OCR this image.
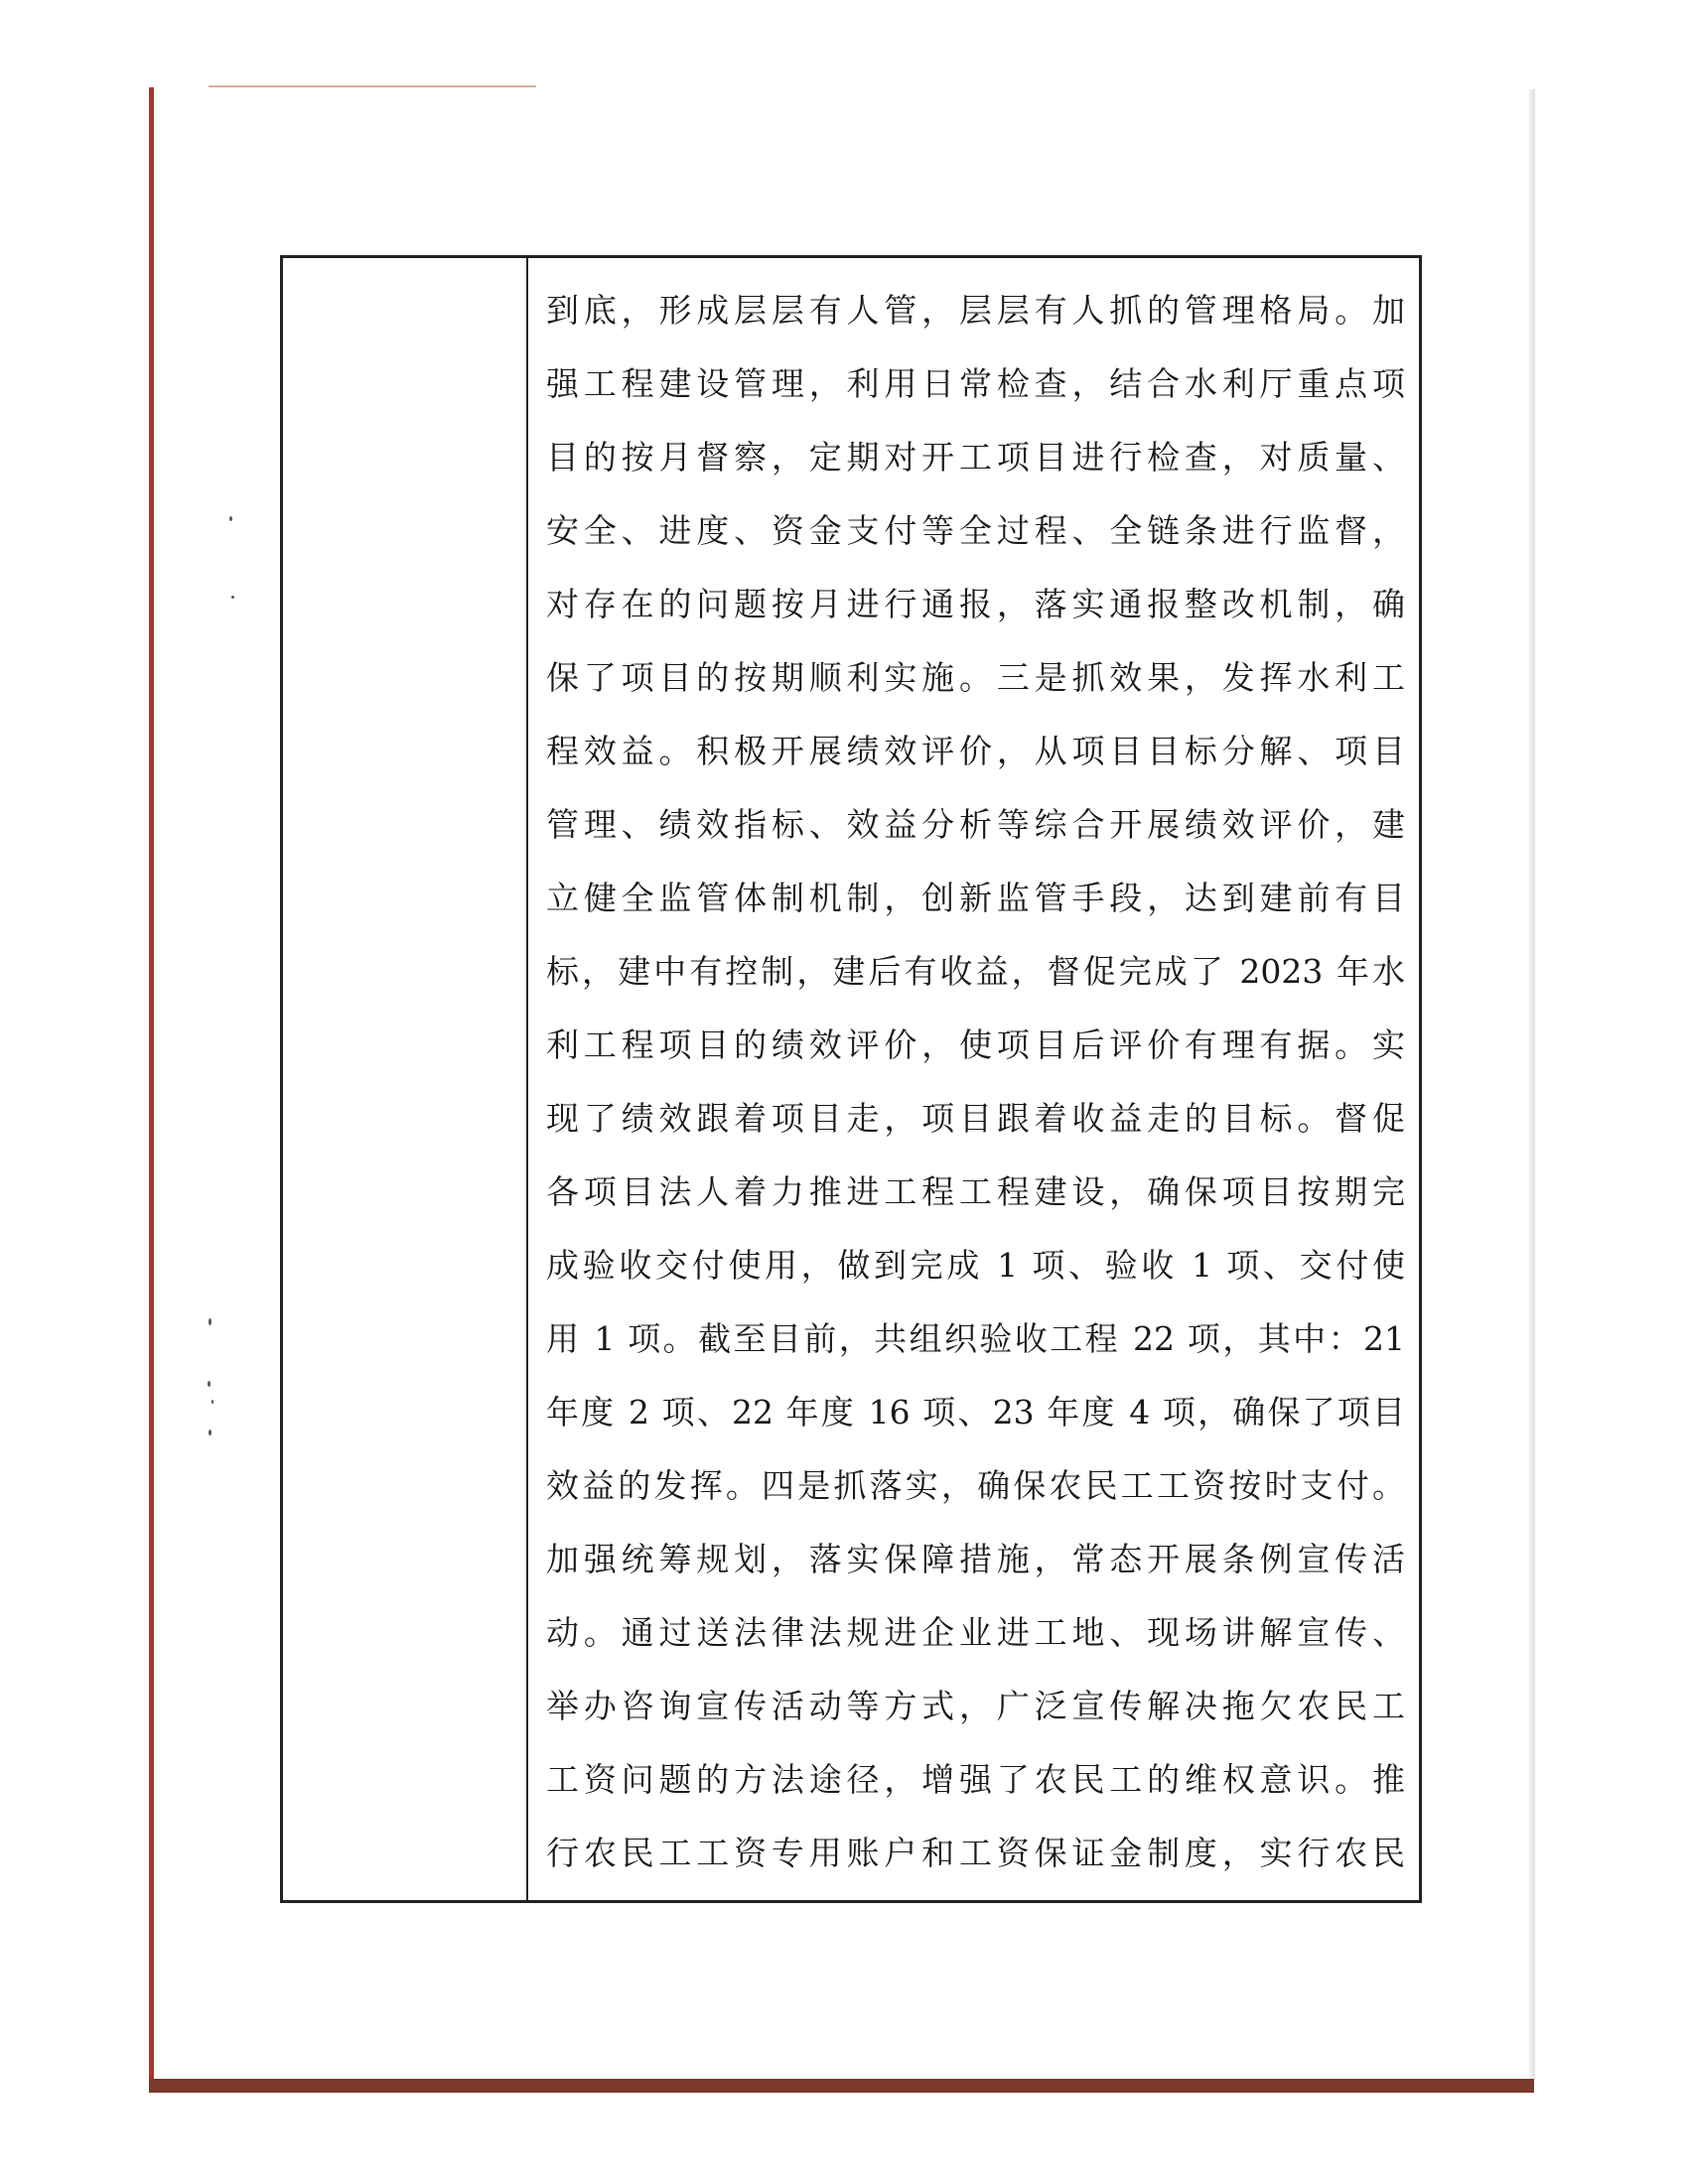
到底，形成层层有人管，层层有人抓的管理格局。加
强工程建设管理，利用日常检查，结合水利厅重点项
目的按月督察，定期对开工项目进行检查，对质量、
安全、进度、资金支付等全过程、全链条进行监督，
对存在的问题按月进行通报，落实通报整改机制，确
保了项目的按期顺利实施。三是抓效果，发挥水利工
程效益。积极开展绩效评价，从项目目标分解、项目
管理、绩效指标、效益分析等综合开展绩效评价，建
立健全监管体制机制，创新监管手段，达到建前有目
标，建中有控制，建后有收益，督促完成了 2023 年水
利工程项目的绩效评价，使项目后评价有理有据。实
现了绩效跟着项目走，项目跟着收益走的目标。督促
各项目法人着力推进工程工程建设，确保项目按期完
成验收交付使用，做到完成 1 项、验收 1 项、交付使
用 1 项。截至目前，共组织验收工程 22 项，其中：21
年度 2 项、22 年度 16 项、23 年度 4 项，确保了项目
效益的发挥。四是抓落实，确保农民工工资按时支付。
加强统筹规划，落实保障措施，常态开展条例宣传活
动。通过送法律法规进企业进工地、现场讲解宣传、
举办咨询宣传活动等方式，广泛宣传解决拖欠农民工
工资问题的方法途径，增强了农民工的维权意识。推
行农民工工资专用账户和工资保证金制度，实行农民
